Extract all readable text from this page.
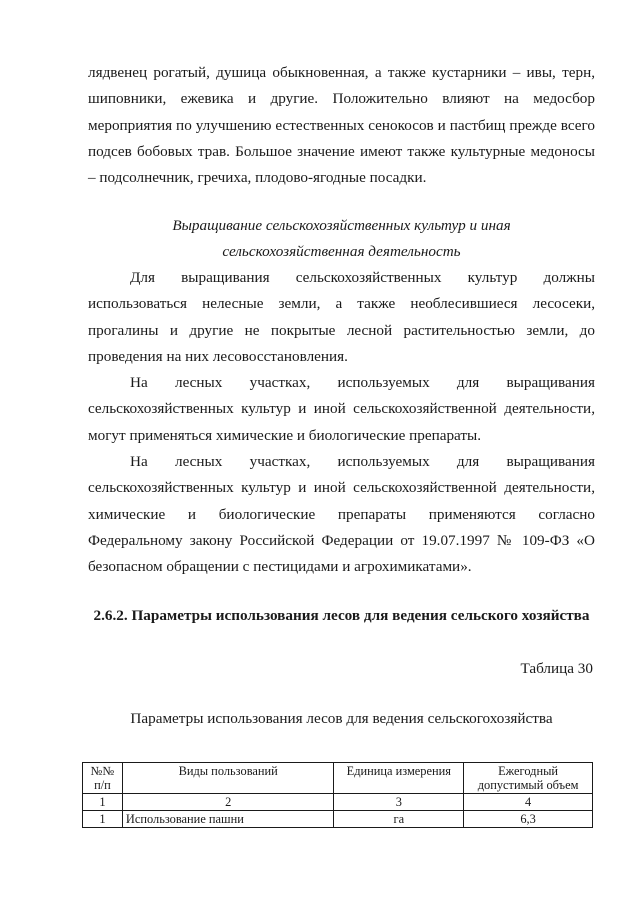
лядвенец рогатый, душица обыкновенная, а также кустарники – ивы, терн, шиповники, ежевика и другие. Положительно влияют на медосбор мероприятия по улучшению естественных сенокосов и пастбищ прежде всего подсев бобовых трав. Большое значение имеют также культурные медоносы – подсолнечник, гречиха, плодово-ягодные посадки.

Выращивание сельскохозяйственных культур и иная
сельскохозяйственная деятельность

Для выращивания сельскохозяйственных культур должны использоваться нелесные земли, а также необлесившиеся лесосеки, прогалины и другие не покрытые лесной растительностью земли, до проведения на них лесовосстановления.

На лесных участках, используемых для выращивания сельскохозяйственных культур и иной сельскохозяйственной деятельности, могут применяться химические и биологические препараты.

На лесных участках, используемых для выращивания сельскохозяйственных культур и иной сельскохозяйственной деятельности, химические и биологические препараты применяются согласно Федеральному закону Российской Федерации от 19.07.1997 № 109-ФЗ «О безопасном обращении с пестицидами и агрохимикатами».

2.6.2. Параметры использования лесов для ведения сельского хозяйства
Таблица 30
Параметры использования лесов для ведения сельскогохозяйства
№№ п/п	Виды пользований	Единица измерения	Ежегодный допустимый объем
1	2	3	4
1	Использование пашни	га	6,3
